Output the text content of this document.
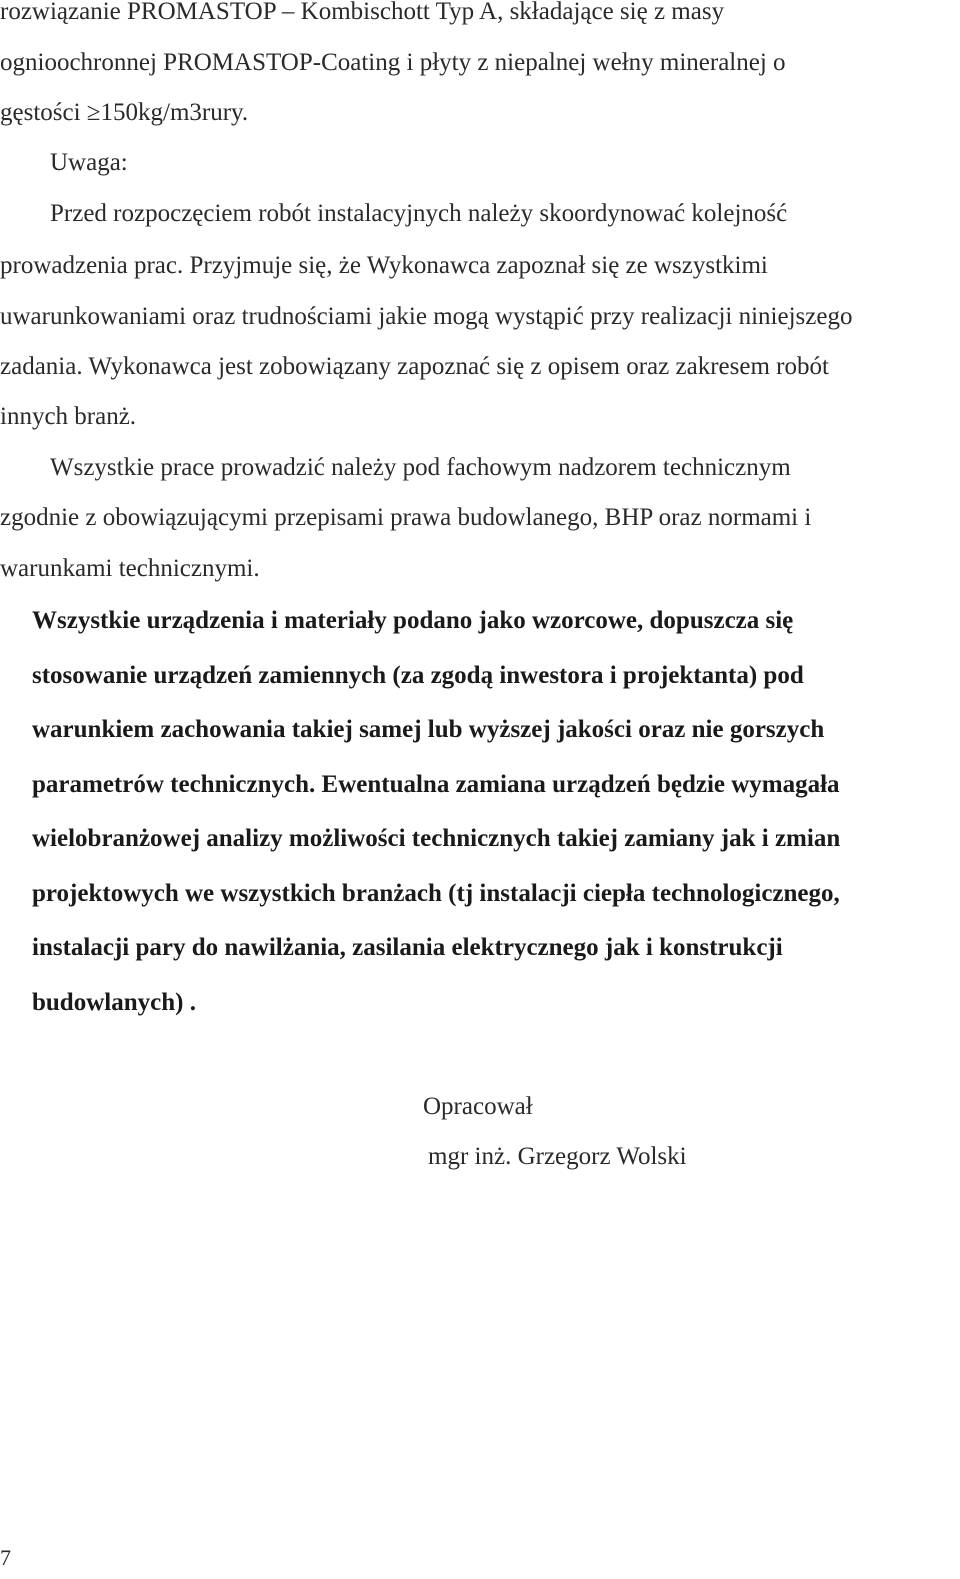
rozwiązanie PROMASTOP – Kombischott Typ A, składające się z masy
ognioochronnej PROMASTOP-Coating i płyty z niepalnej wełny mineralnej o
gęstości ≥150kg/m3rury.
Uwaga:
Przed rozpoczęciem robót instalacyjnych należy skoordynować kolejność
prowadzenia prac. Przyjmuje się, że Wykonawca zapoznał się ze wszystkimi
uwarunkowaniami oraz trudnościami jakie mogą wystąpić przy realizacji niniejszego
zadania. Wykonawca jest zobowiązany zapoznać się z opisem oraz zakresem robót
innych branż.
Wszystkie prace prowadzić należy pod fachowym nadzorem technicznym
zgodnie z obowiązującymi przepisami prawa budowlanego, BHP oraz normami i
warunkami technicznymi.
Wszystkie urządzenia i materiały podano jako wzorcowe, dopuszcza się
stosowanie urządzeń zamiennych (za zgodą inwestora i projektanta) pod
warunkiem zachowania takiej samej lub wyższej jakości oraz nie gorszych
parametrów technicznych. Ewentualna zamiana urządzeń będzie wymagała
wielobranżowej analizy możliwości technicznych takiej zamiany jak i zmian
projektowych we wszystkich branżach (tj instalacji ciepła technologicznego,
instalacji pary do nawilżania, zasilania elektrycznego jak i konstrukcji
budowlanych) .
Opracował
mgr inż. Grzegorz Wolski
7
